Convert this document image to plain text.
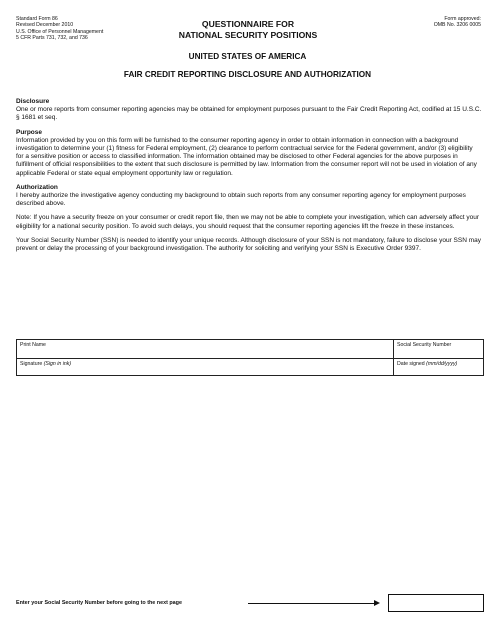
Standard Form 86
Revised December 2010
U.S. Office of Personnel Management
5 CFR Parts 731, 732, and 736
QUESTIONNAIRE FOR
NATIONAL SECURITY POSITIONS
Form approved:
OMB No. 3206 0005
UNITED STATES OF AMERICA
FAIR CREDIT REPORTING DISCLOSURE AND AUTHORIZATION

Disclosure

One or more reports from consumer reporting agencies may be obtained for employment purposes pursuant to the Fair Credit Reporting Act, codified at 15 U.S.C. § 1681 et seq.

Purpose

Information provided by you on this form will be furnished to the consumer reporting agency in order to obtain information in connection with a background investigation to determine your (1) fitness for Federal employment, (2) clearance to perform contractual service for the Federal government, and/or (3) eligibility for a sensitive position or access to classified information. The information obtained may be disclosed to other Federal agencies for the above purposes in fulfillment of official responsibilities to the extent that such disclosure is permitted by law. Information from the consumer report will not be used in violation of any applicable Federal or state equal employment opportunity law or regulation.

Authorization

I hereby authorize the investigative agency conducting my background to obtain such reports from any consumer reporting agency for employment purposes described above.

Note: If you have a security freeze on your consumer or credit report file, then we may not be able to complete your investigation, which can adversely affect your eligibility for a national security position. To avoid such delays, you should request that the consumer reporting agencies lift the freeze in these instances.

Your Social Security Number (SSN) is needed to identify your unique records. Although disclosure of your SSN is not mandatory, failure to disclose your SSN may prevent or delay the processing of your background investigation. The authority for soliciting and verifying your SSN is Executive Order 9397.

Print Name	Social Security Number
Signature (Sign in ink)	Date signed (mm/dd/yyyy)
Enter your Social Security Number before going to the next page
